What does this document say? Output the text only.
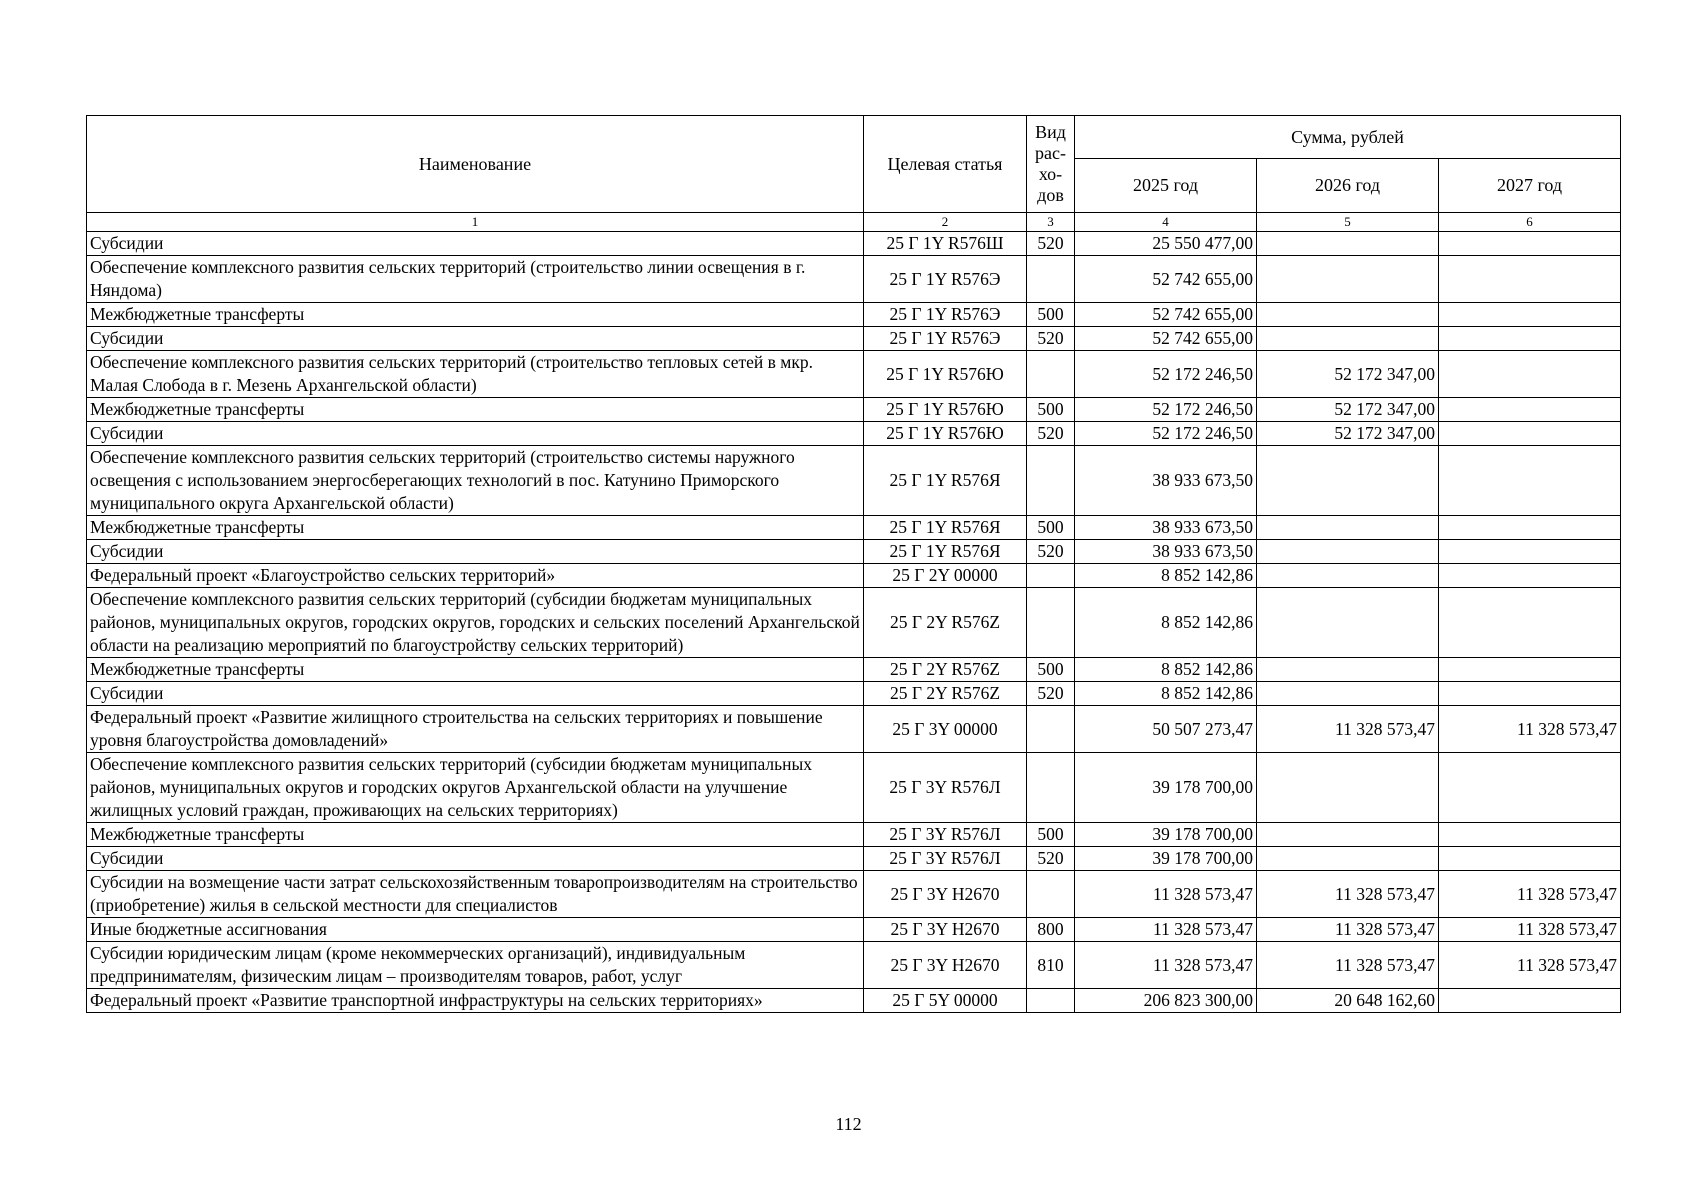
Наименование	Целевая статья	Вид рас-хо-дов	Сумма, рублей		
			2025 год	2026 год	2027 год
1	2	3	4	5	6
Субсидии	25 Г 1Y R576Ш	520	25 550 477,00		
Обеспечение комплексного развития сельских территорий (строительство линии освещения в г. Няндома)	25 Г 1Y R576Э		52 742 655,00		
Межбюджетные трансферты	25 Г 1Y R576Э	500	52 742 655,00		
Субсидии	25 Г 1Y R576Э	520	52 742 655,00		
Обеспечение комплексного развития сельских территорий (строительство тепловых сетей в мкр. Малая Слобода в г. Мезень Архангельской области)	25 Г 1Y R576Ю		52 172 246,50	52 172 347,00	
Межбюджетные трансферты	25 Г 1Y R576Ю	500	52 172 246,50	52 172 347,00	
Субсидии	25 Г 1Y R576Ю	520	52 172 246,50	52 172 347,00	
Обеспечение комплексного развития сельских территорий (строительство системы наружного освещения с использованием энергосберегающих технологий в пос. Катунино Приморского муниципального округа Архангельской области)	25 Г 1Y R576Я		38 933 673,50		
Межбюджетные трансферты	25 Г 1Y R576Я	500	38 933 673,50		
Субсидии	25 Г 1Y R576Я	520	38 933 673,50		
Федеральный проект «Благоустройство сельских территорий»	25 Г 2Y 00000		8 852 142,86		
Обеспечение комплексного развития сельских территорий (субсидии бюджетам муниципальных районов, муниципальных округов, городских округов, городских и сельских поселений Архангельской области на реализацию мероприятий по благоустройству сельских территорий)	25 Г 2Y R576Z		8 852 142,86		
Межбюджетные трансферты	25 Г 2Y R576Z	500	8 852 142,86		
Субсидии	25 Г 2Y R576Z	520	8 852 142,86		
Федеральный проект «Развитие жилищного строительства на сельских территориях и повышение уровня благоустройства домовладений»	25 Г 3Y 00000		50 507 273,47	11 328 573,47	11 328 573,47
Обеспечение комплексного развития сельских территорий (субсидии бюджетам муниципальных районов, муниципальных округов и городских округов Архангельской области на улучшение жилищных условий граждан, проживающих на сельских территориях)	25 Г 3Y R576Л		39 178 700,00		
Межбюджетные трансферты	25 Г 3Y R576Л	500	39 178 700,00		
Субсидии	25 Г 3Y R576Л	520	39 178 700,00		
Субсидии на возмещение части затрат сельскохозяйственным товаропроизводителям на строительство (приобретение) жилья в сельской местности для специалистов	25 Г 3Y Н2670		11 328 573,47	11 328 573,47	11 328 573,47
Иные бюджетные ассигнования	25 Г 3Y Н2670	800	11 328 573,47	11 328 573,47	11 328 573,47
Субсидии юридическим лицам (кроме некоммерческих организаций), индивидуальным предпринимателям, физическим лицам – производителям товаров, работ, услуг	25 Г 3Y Н2670	810	11 328 573,47	11 328 573,47	11 328 573,47
Федеральный проект «Развитие транспортной инфраструктуры на сельских территориях»	25 Г 5Y 00000		206 823 300,00	20 648 162,60	
112
